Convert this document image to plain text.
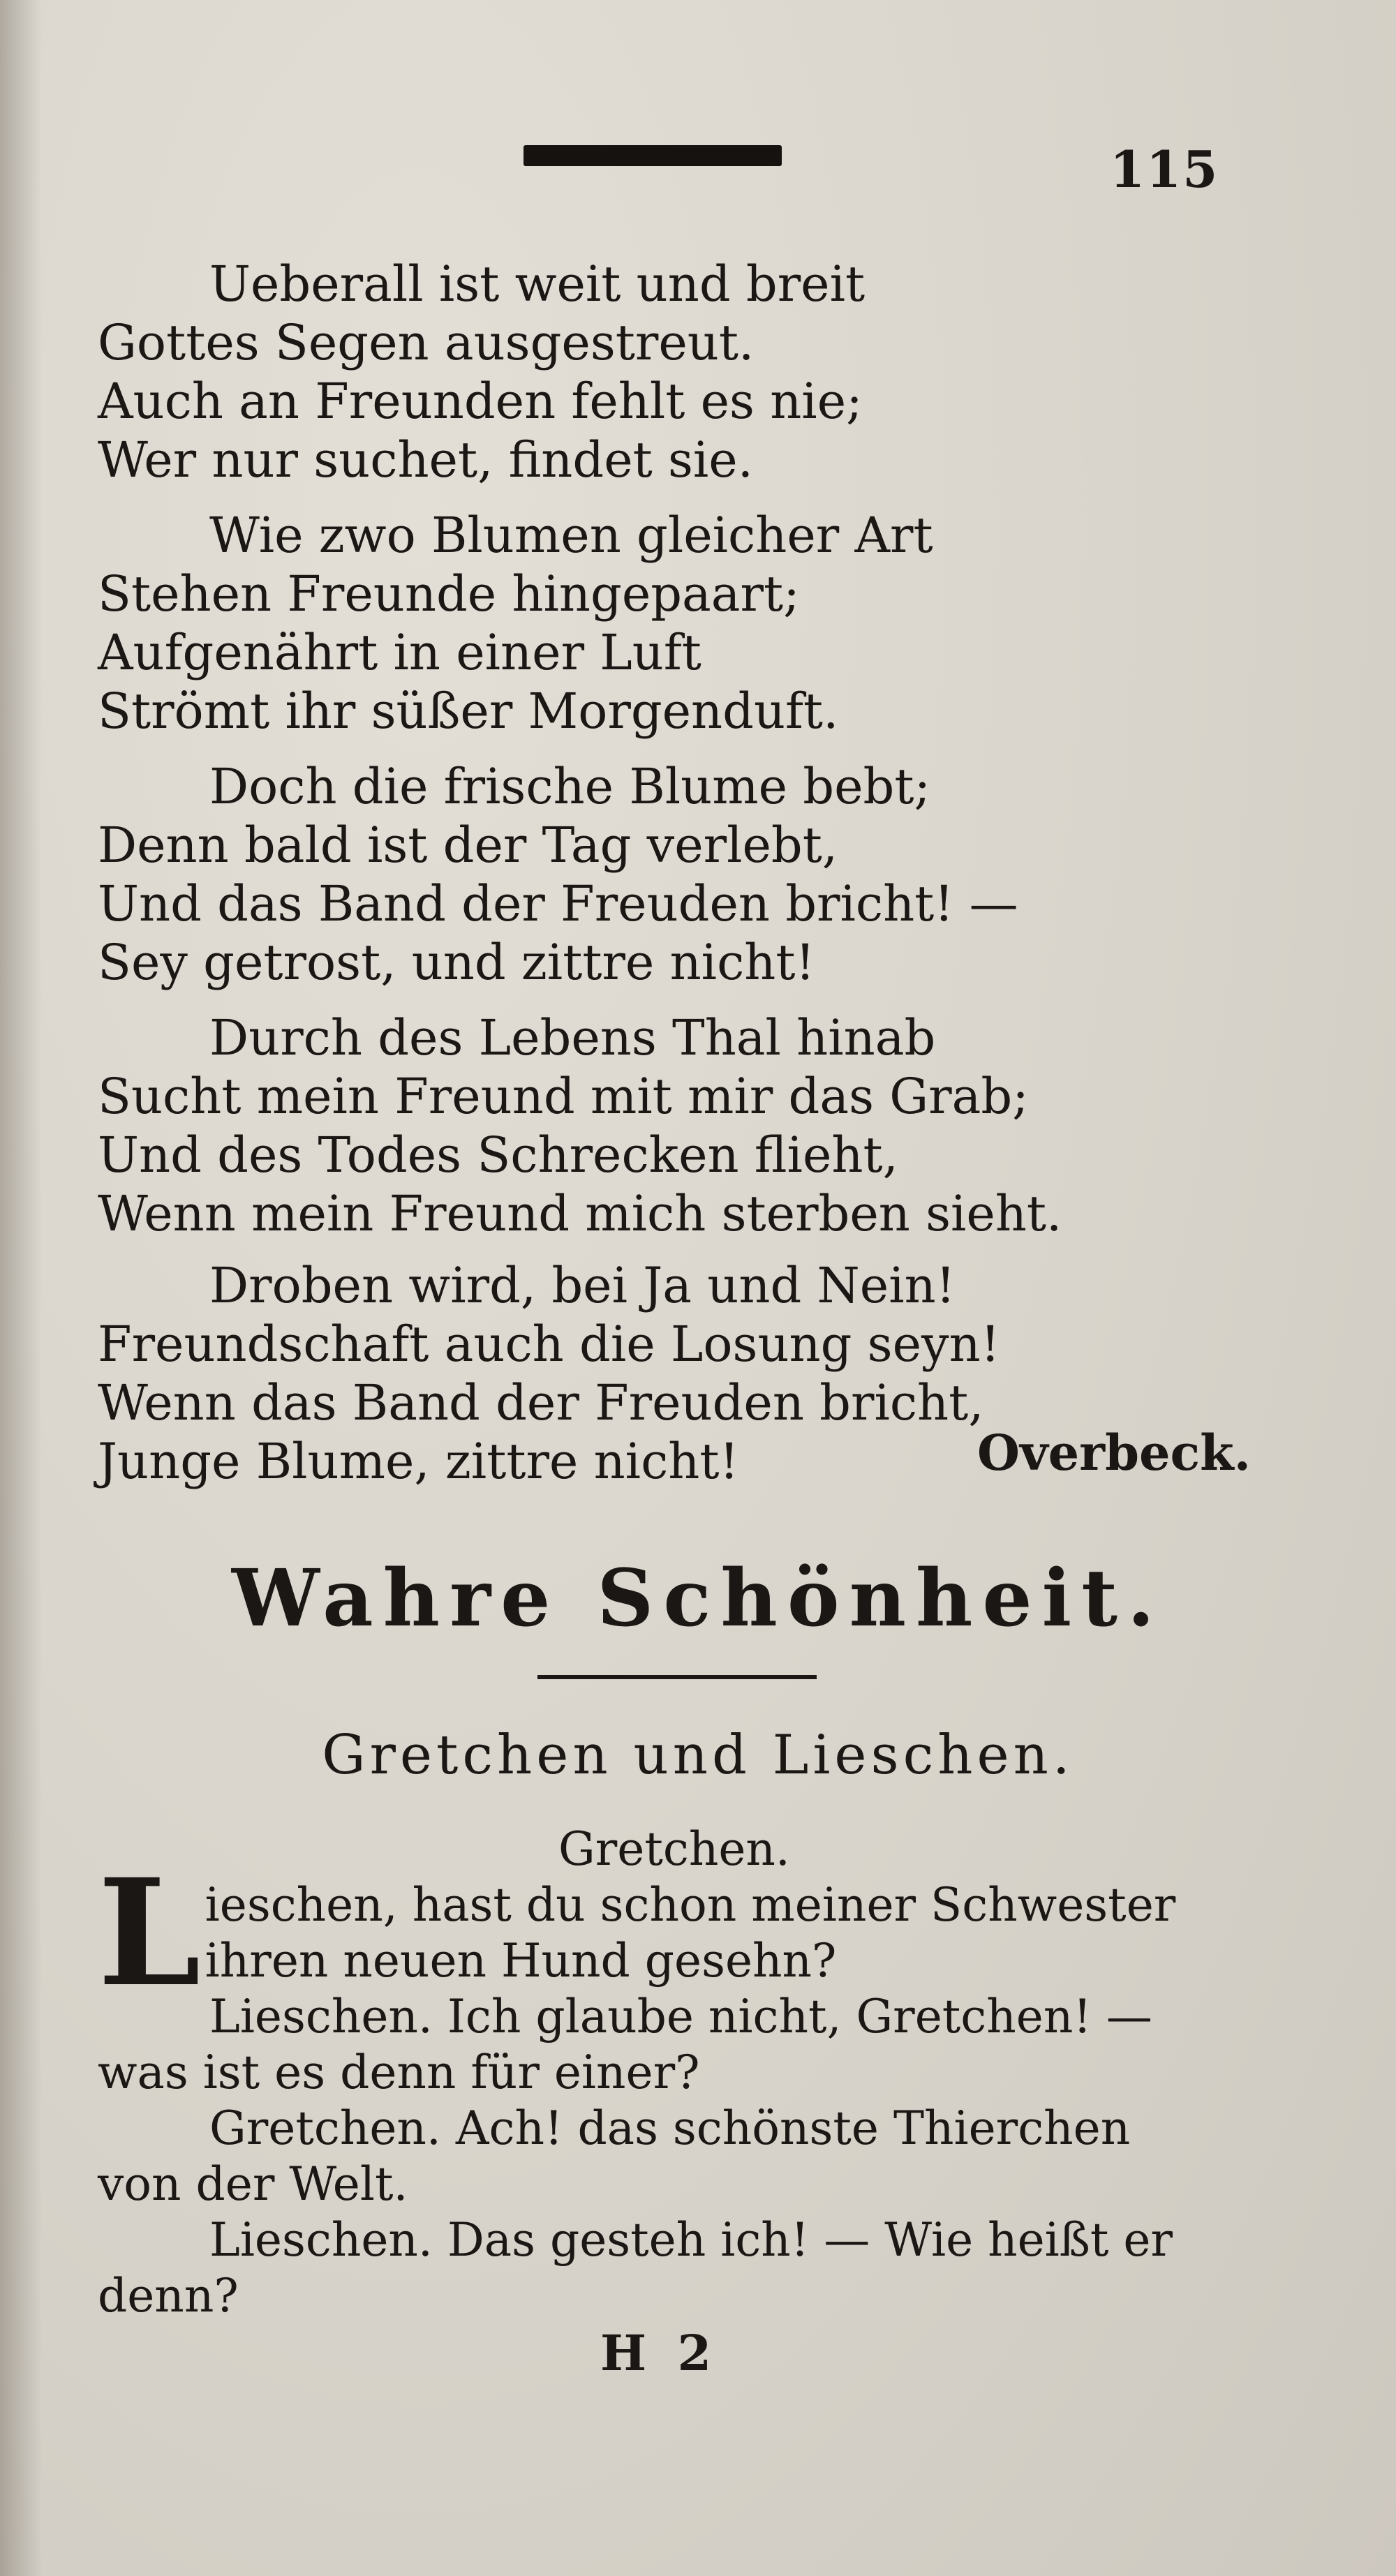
115
Ueberall ist weit und breit
Gottes Segen ausgestreut.
Auch an Freunden fehlt es nie;
Wer nur suchet, findet sie.
Wie zwo Blumen gleicher Art
Stehen Freunde hingepaart;
Aufgenährt in einer Luft
Strömt ihr süßer Morgenduft.
Doch die frische Blume bebt;
Denn bald ist der Tag verlebt,
Und das Band der Freuden bricht! —
Sey getrost, und zittre nicht!
Durch des Lebens Thal hinab
Sucht mein Freund mit mir das Grab;
Und des Todes Schrecken flieht,
Wenn mein Freund mich sterben sieht.
Droben wird, bei Ja und Nein!
Freundschaft auch die Losung seyn!
Wenn das Band der Freuden bricht,
Junge Blume, zittre nicht!	Overbeck.
Wahre Schönheit.
Gretchen und Lieschen.
Gretchen.

Lieschen, hast du schon meiner Schwester ihren neuen Hund gesehn?

Lieschen. Ich glaube nicht, Gretchen! — was ist es denn für einer?

Gretchen. Ach! das schönste Thierchen von der Welt.

Lieschen. Das gesteh ich! — Wie heißt er denn?

H 2
